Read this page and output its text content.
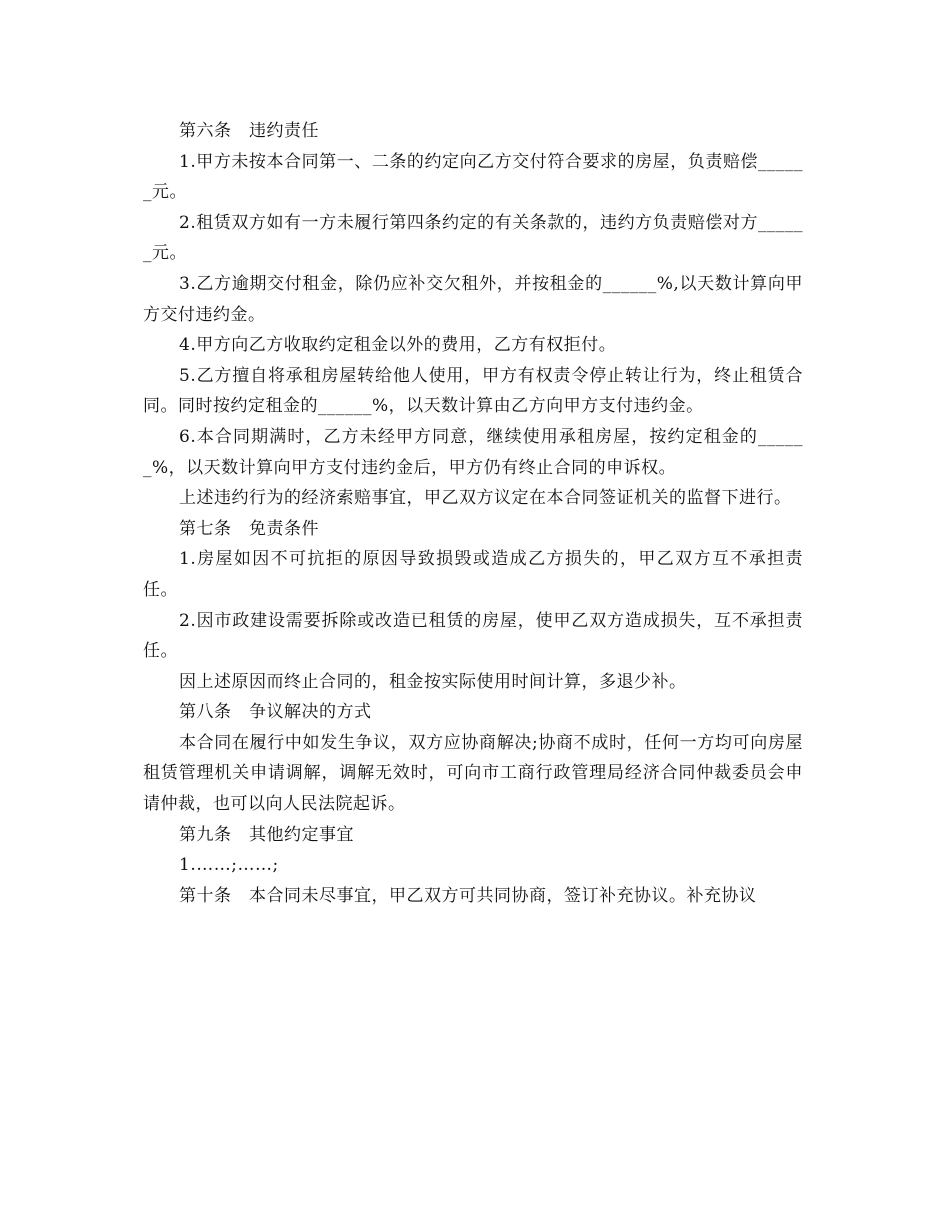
第六条　违约责任

1.甲方未按本合同第一、二条的约定向乙方交付符合要求的房屋，负责赔偿______元。

2.租赁双方如有一方未履行第四条约定的有关条款的，违约方负责赔偿对方______元。

3.乙方逾期交付租金，除仍应补交欠租外，并按租金的______%,以天数计算向甲方交付违约金。

4.甲方向乙方收取约定租金以外的费用，乙方有权拒付。

5.乙方擅自将承租房屋转给他人使用，甲方有权责令停止转让行为，终止租赁合同。同时按约定租金的______%，以天数计算由乙方向甲方支付违约金。

6.本合同期满时，乙方未经甲方同意，继续使用承租房屋，按约定租金的______%，以天数计算向甲方支付违约金后，甲方仍有终止合同的申诉权。

上述违约行为的经济索赔事宜，甲乙双方议定在本合同签证机关的监督下进行。

第七条　免责条件

1.房屋如因不可抗拒的原因导致损毁或造成乙方损失的，甲乙双方互不承担责任。

2.因市政建设需要拆除或改造已租赁的房屋，使甲乙双方造成损失，互不承担责任。

因上述原因而终止合同的，租金按实际使用时间计算，多退少补。

第八条　争议解决的方式

本合同在履行中如发生争议，双方应协商解决;协商不成时，任何一方均可向房屋租赁管理机关申请调解，调解无效时，可向市工商行政管理局经济合同仲裁委员会申请仲裁，也可以向人民法院起诉。

第九条　其他约定事宜

1.……;……;

第十条　本合同未尽事宜，甲乙双方可共同协商，签订补充协议。补充协议
